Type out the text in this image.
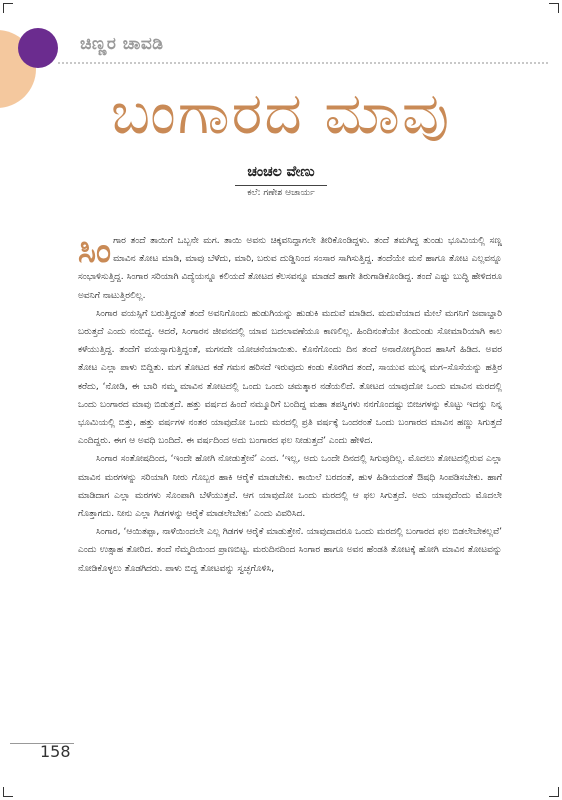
ಚಿಣ್ಣರ ಚಾವಡಿ
ಬಂಗಾರದ ಮಾವು
ಚಂಚಲ ವೇಣು
ಕಲೆ: ಗಣೇಶ ಆಚಾರ್ಯ

ಸಿಂಗಾರ ತಂದೆ ತಾಯಿಗೆ ಒಬ್ಬನೇ ಮಗ. ತಾಯಿ ಅವನು ಚಿಕ್ಕವನಿದ್ದಾಗಲೇ ತೀರಿಕೊಂಡಿದ್ದಳು. ತಂದೆ ತಮಗಿದ್ದ ತುಂಡು ಭೂಮಿಯಲ್ಲಿ ಸಣ್ಣ ಮಾವಿನ ತೋಟ ಮಾಡಿ, ಮಾವು ಬೆಳೆದು, ಮಾರಿ, ಬರುವ ದುಡ್ಡಿನಿಂದ ಸಂಸಾರ ಸಾಗಿಸುತ್ತಿದ್ದ. ತಂದೆಯೇ ಮನೆ ಹಾಗೂ ತೋಟ ಎಲ್ಲವನ್ನೂ ಸಂಭಾಳಿಸುತ್ತಿದ್ದ. ಸಿಂಗಾರ ಸರಿಯಾಗಿ ವಿದ್ಯೆಯನ್ನೂ ಕಲಿಯದೆ ತೋಟದ ಕೆಲಸವನ್ನೂ ಮಾಡದೆ ಹಾಗೇ ತಿರುಗಾಡಿಕೊಂಡಿದ್ದ. ತಂದೆ ಎಷ್ಟು ಬುದ್ಧಿ ಹೇಳಿದರೂ ಅವನಿಗೆ ನಾಟುತ್ತಿರಲಿಲ್ಲ.

ಸಿಂಗಾರ ವಯಸ್ಸಿಗೆ ಬರುತ್ತಿದ್ದಂತೆ ತಂದೆ ಅವನಿಗೊಂದು ಹುಡುಗಿಯನ್ನು ಹುಡುಕಿ ಮದುವೆ ಮಾಡಿದ. ಮದುವೆಯಾದ ಮೇಲೆ ಮಗನಿಗೆ ಜವಾಬ್ದಾರಿ ಬರುತ್ತದೆ ಎಂದು ನಂಬಿದ್ದ. ಆದರೆ, ಸಿಂಗಾರನ ಜೀವನದಲ್ಲಿ ಯಾವ ಬದಲಾವಣೆಯೂ ಕಾಣಲಿಲ್ಲ. ಹಿಂದಿನಂತೆಯೇ ತಿಂದುಂಡು ಸೋಮಾರಿಯಾಗಿ ಕಾಲ ಕಳೆಯುತ್ತಿದ್ದ. ತಂದೆಗೆ ವಯಸ್ಸಾಗುತ್ತಿದ್ದಂತೆ, ಮಗನದೇ ಯೋಚನೆಯಾಯಿತು. ಕೊನೆಗೊಂದು ದಿನ ತಂದೆ ಅನಾರೋಗ್ಯದಿಂದ ಹಾಸಿಗೆ ಹಿಡಿದ. ಅವರ ತೋಟ ಎಲ್ಲಾ ಪಾಳು ಬಿದ್ದಿತು. ಮಗ ತೋಟದ ಕಡೆ ಗಮನ ಹರಿಸದೆ ಇರುವುದು ಕಂಡು ಕೊರಗಿದ ತಂದೆ, ಸಾಯುವ ಮುನ್ನ ಮಗ–ಸೊಸೆಯನ್ನು ಹತ್ತಿರ ಕರೆದು, ‘ನೋಡಿ, ಈ ಬಾರಿ ನಮ್ಮ ಮಾವಿನ ತೋಟದಲ್ಲಿ ಒಂದು ಒಂದು ಚಮತ್ಕಾರ ನಡೆಯಲಿದೆ. ತೋಟದ ಯಾವುದೋ ಒಂದು ಮಾವಿನ ಮರದಲ್ಲಿ ಒಂದು ಬಂಗಾರದ ಮಾವು ಬಿಡುತ್ತದೆ. ಹತ್ತು ವರ್ಷದ ಹಿಂದೆ ನಮ್ಮೂರಿಗೆ ಬಂದಿದ್ದ ಮಹಾ ತಪಸ್ವಿಗಳು ನನಗೊಂದಷ್ಟು ಬೀಜಗಳನ್ನು ಕೊಟ್ಟು ಇದನ್ನು ನಿನ್ನ ಭೂಮಿಯಲ್ಲಿ ಬಿತ್ತು, ಹತ್ತು ವರ್ಷಗಳ ನಂತರ ಯಾವುದೋ ಒಂದು ಮರದಲ್ಲಿ ಪ್ರತಿ ವರ್ಷಕ್ಕೆ ಒಂದರಂತೆ ಒಂದು ಬಂಗಾರದ ಮಾವಿನ ಹಣ್ಣು ಸಿಗುತ್ತದೆ ಎಂದಿದ್ದರು. ಈಗ ಆ ಅವಧಿ ಬಂದಿದೆ. ಈ ವರ್ಷದಿಂದ ಅದು ಬಂಗಾರದ ಫಲ ನೀಡುತ್ತದೆ’ ಎಂದು ಹೇಳಿದ.

ಸಿಂಗಾರ ಸಂತೋಷದಿಂದ, ‘ಇಂದೇ ಹೋಗಿ ನೋಡುತ್ತೇನೆ’ ಎಂದ. ‘ಇಲ್ಲ, ಅದು ಒಂದೇ ದಿನದಲ್ಲಿ ಸಿಗುವುದಿಲ್ಲ. ಮೊದಲು ತೋಟದಲ್ಲಿರುವ ಎಲ್ಲಾ ಮಾವಿನ ಮರಗಳನ್ನು ಸರಿಯಾಗಿ ನೀರು ಗೊಬ್ಬರ ಹಾಕಿ ಆರೈಕೆ ಮಾಡಬೇಕು. ಕಾಯಿಲೆ ಬರದಂತೆ, ಹುಳ ಹಿಡಿಯದಂತೆ ಔಷಧಿ ಸಿಂಪಡಿಸಬೇಕು. ಹಾಗೆ ಮಾಡಿದಾಗ ಎಲ್ಲಾ ಮರಗಳು ಸೊಂಪಾಗಿ ಬೆಳೆಯುತ್ತವೆ. ಆಗ ಯಾವುದೋ ಒಂದು ಮರದಲ್ಲಿ ಆ ಫಲ ಸಿಗುತ್ತದೆ. ಅದು ಯಾವುದೆಂದು ಮೊದಲೇ ಗೊತ್ತಾಗದು. ನೀನು ಎಲ್ಲಾ ಗಿಡಗಳನ್ನು ಆರೈಕೆ ಮಾಡಲೇಬೇಕು’ ಎಂದು ವಿವರಿಸಿದ.

ಸಿಂಗಾರ, ‘ಆಯಿತಪ್ಪಾ, ನಾಳೆಯಿಂದಲೇ ಎಲ್ಲ ಗಿಡಗಳ ಆರೈಕೆ ಮಾಡುತ್ತೇನೆ. ಯಾವುದಾದರೂ ಒಂದು ಮರದಲ್ಲಿ ಬಂಗಾರದ ಫಲ ಬಿಡಲೇಬೇಕಲ್ಲವೆ’ ಎಂದು ಉತ್ಸಾಹ ತೋರಿದ. ತಂದೆ ನೆಮ್ಮದಿಯಿಂದ ಪ್ರಾಣಬಿಟ್ಟ. ಮರುದಿನದಿಂದ ಸಿಂಗಾರ ಹಾಗೂ ಅವನ ಹೆಂಡತಿ ತೋಟಕ್ಕೆ ಹೋಗಿ ಮಾವಿನ ತೋಟವನ್ನು ನೋಡಿಕೊಳ್ಳಲು ತೊಡಗಿದರು. ಪಾಳು ಬಿದ್ದ ತೋಟವನ್ನು ಸ್ವಚ್ಛಗೊಳಿಸಿ,

158
